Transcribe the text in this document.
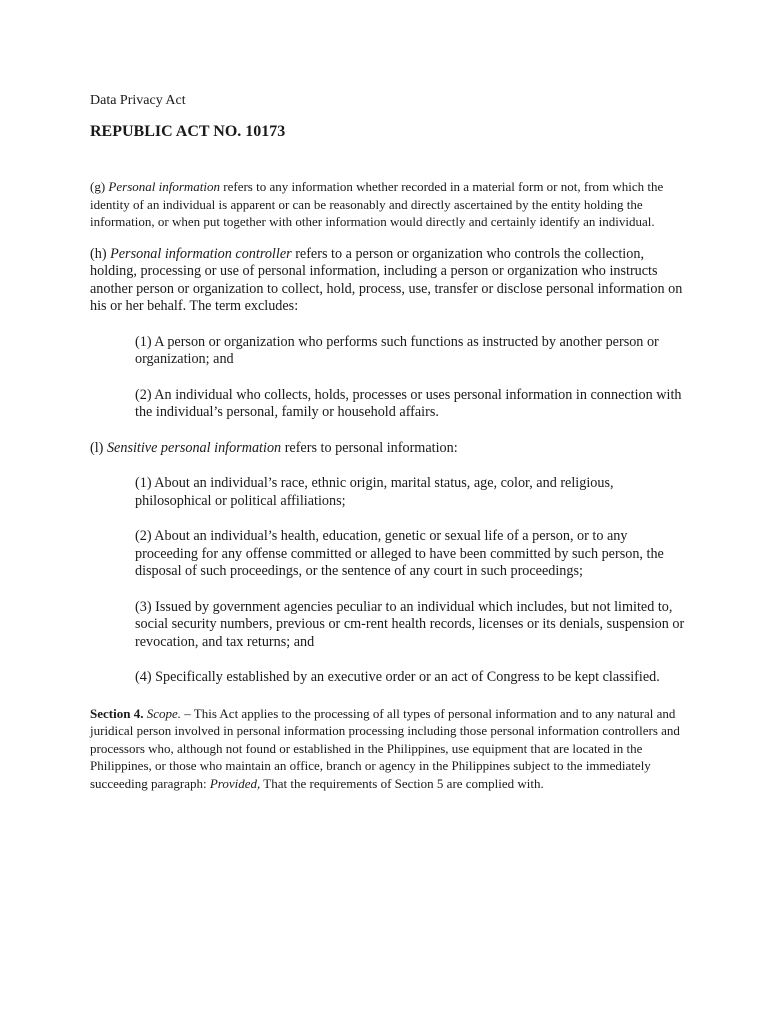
Data Privacy Act
REPUBLIC ACT NO. 10173

(g) Personal information refers to any information whether recorded in a material form or not, from which the identity of an individual is apparent or can be reasonably and directly ascertained by the entity holding the information, or when put together with other information would directly and certainly identify an individual.

(h) Personal information controller refers to a person or organization who controls the collection, holding, processing or use of personal information, including a person or organization who instructs another person or organization to collect, hold, process, use, transfer or disclose personal information on his or her behalf. The term excludes:

(1) A person or organization who performs such functions as instructed by another person or organization; and

(2) An individual who collects, holds, processes or uses personal information in connection with the individual’s personal, family or household affairs.

(l) Sensitive personal information refers to personal information:

(1) About an individual’s race, ethnic origin, marital status, age, color, and religious, philosophical or political affiliations;

(2) About an individual’s health, education, genetic or sexual life of a person, or to any proceeding for any offense committed or alleged to have been committed by such person, the disposal of such proceedings, or the sentence of any court in such proceedings;

(3) Issued by government agencies peculiar to an individual which includes, but not limited to, social security numbers, previous or cm-rent health records, licenses or its denials, suspension or revocation, and tax returns; and

(4) Specifically established by an executive order or an act of Congress to be kept classified.

Section 4. Scope. – This Act applies to the processing of all types of personal information and to any natural and juridical person involved in personal information processing including those personal information controllers and processors who, although not found or established in the Philippines, use equipment that are located in the Philippines, or those who maintain an office, branch or agency in the Philippines subject to the immediately succeeding paragraph: Provided, That the requirements of Section 5 are complied with.
